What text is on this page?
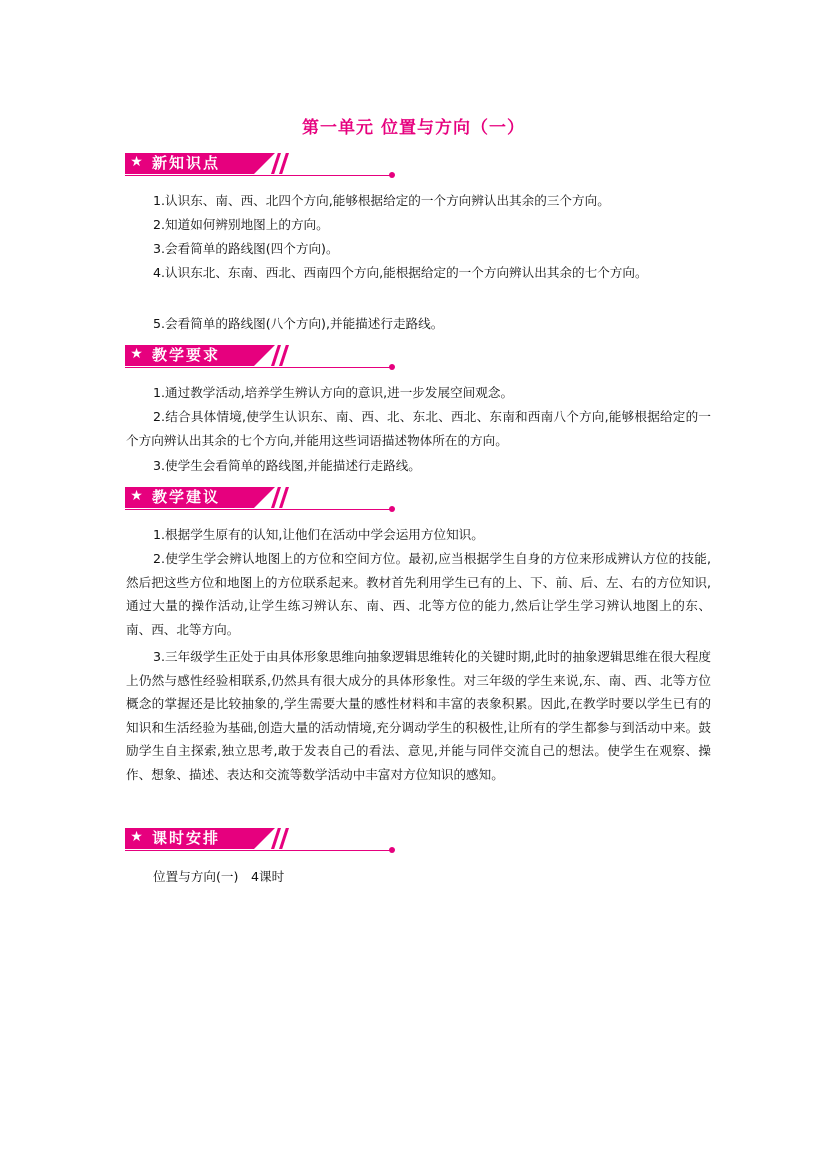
第一单元 位置与方向（一）
★ 新知识点

1.认识东、南、西、北四个方向,能够根据给定的一个方向辨认出其余的三个方向。

2.知道如何辨别地图上的方向。

3.会看简单的路线图(四个方向)。

4.认识东北、东南、西北、西南四个方向,能根据给定的一个方向辨认出其余的七个方向。

5.会看简单的路线图(八个方向),并能描述行走路线。

★ 教学要求

1.通过教学活动,培养学生辨认方向的意识,进一步发展空间观念。

2.结合具体情境,使学生认识东、南、西、北、东北、西北、东南和西南八个方向,能够根据给定的一个方向辨认出其余的七个方向,并能用这些词语描述物体所在的方向。

3.使学生会看简单的路线图,并能描述行走路线。

★ 教学建议

1.根据学生原有的认知,让他们在活动中学会运用方位知识。

2.使学生学会辨认地图上的方位和空间方位。最初,应当根据学生自身的方位来形成辨认方位的技能,然后把这些方位和地图上的方位联系起来。教材首先利用学生已有的上、下、前、后、左、右的方位知识,通过大量的操作活动,让学生练习辨认东、南、西、北等方位的能力,然后让学生学习辨认地图上的东、南、西、北等方向。

3.三年级学生正处于由具体形象思维向抽象逻辑思维转化的关键时期,此时的抽象逻辑思维在很大程度上仍然与感性经验相联系,仍然具有很大成分的具体形象性。对三年级的学生来说,东、南、西、北等方位概念的掌握还是比较抽象的,学生需要大量的感性材料和丰富的表象积累。因此,在教学时要以学生已有的知识和生活经验为基础,创造大量的活动情境,充分调动学生的积极性,让所有的学生都参与到活动中来。鼓励学生自主探索,独立思考,敢于发表自己的看法、意见,并能与同伴交流自己的想法。使学生在观察、操作、想象、描述、表达和交流等数学活动中丰富对方位知识的感知。

★ 课时安排

位置与方向(一)　4课时
